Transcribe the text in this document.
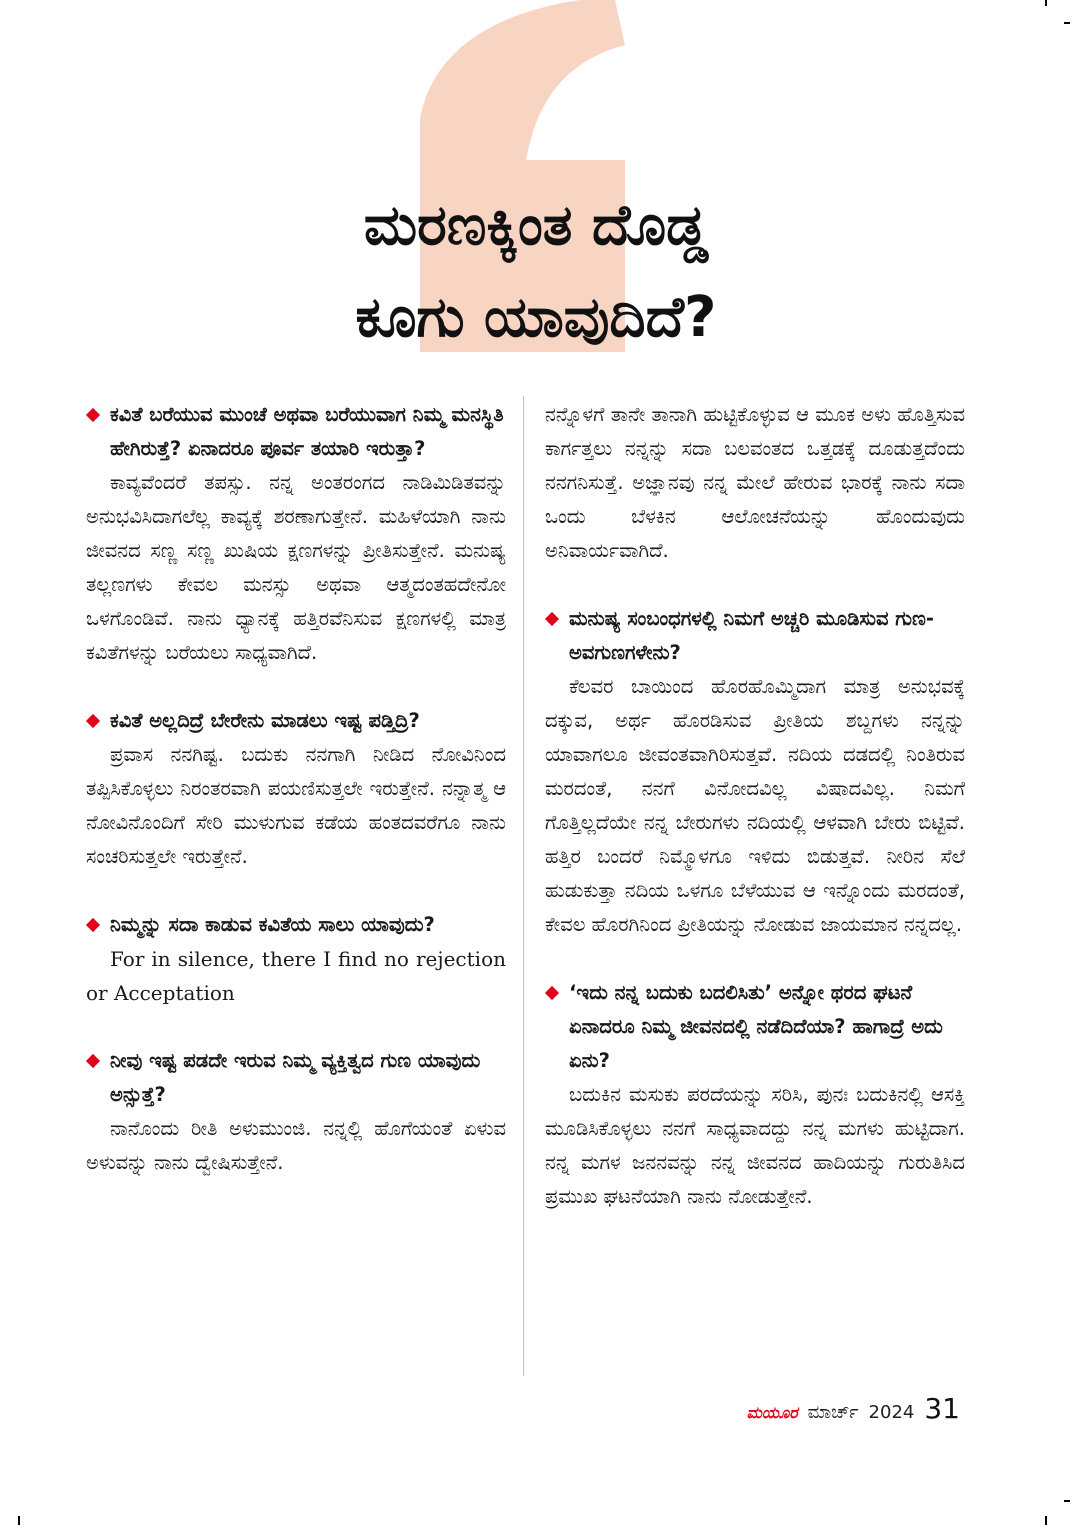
ಮರಣಕ್ಕಿಂತ ದೊಡ್ಡ
ಕೂಗು ಯಾವುದಿದೆ?

ಕವಿತೆ ಬರೆಯುವ ಮುಂಚೆ ಅಥವಾ ಬರೆಯುವಾಗ ನಿಮ್ಮ ಮನಸ್ಥಿತಿ ಹೇಗಿರುತ್ತೆ? ಏನಾದರೂ ಪೂರ್ವ ತಯಾರಿ ಇರುತ್ತಾ?

ಕಾವ್ಯವೆಂದರೆ ತಪಸ್ಸು. ನನ್ನ ಅಂತರಂಗದ ನಾಡಿಮಿಡಿತವನ್ನು ಅನುಭವಿಸಿದಾಗಲೆಲ್ಲ ಕಾವ್ಯಕ್ಕೆ ಶರಣಾಗುತ್ತೇನೆ. ಮಹಿಳೆಯಾಗಿ ನಾನು ಜೀವನದ ಸಣ್ಣ ಸಣ್ಣ ಖುಷಿಯ ಕ್ಷಣಗಳನ್ನು ಪ್ರೀತಿಸುತ್ತೇನೆ. ಮನುಷ್ಯ ತಲ್ಲಣಗಳು ಕೇವಲ ಮನಸ್ಸು ಅಥವಾ ಆತ್ಮದಂತಹದೇನೋ ಒಳಗೊಂಡಿವೆ. ನಾನು ಧ್ಯಾನಕ್ಕೆ ಹತ್ತಿರವೆನಿಸುವ ಕ್ಷಣಗಳಲ್ಲಿ ಮಾತ್ರ ಕವಿತೆಗಳನ್ನು ಬರೆಯಲು ಸಾಧ್ಯವಾಗಿದೆ.

ಕವಿತೆ ಅಲ್ಲದಿದ್ರೆ ಬೇರೇನು ಮಾಡಲು ಇಷ್ಟ ಪಡ್ತಿದ್ರಿ?

ಪ್ರವಾಸ ನನಗಿಷ್ಟ. ಬದುಕು ನನಗಾಗಿ ನೀಡಿದ ನೋವಿನಿಂದ ತಪ್ಪಿಸಿಕೊಳ್ಳಲು ನಿರಂತರವಾಗಿ ಪಯಣಿಸುತ್ತಲೇ ಇರುತ್ತೇನೆ. ನನ್ನಾತ್ಮ ಆ ನೋವಿನೊಂದಿಗೆ ಸೇರಿ ಮುಳುಗುವ ಕಡೆಯ ಹಂತದವರೆಗೂ ನಾನು ಸಂಚರಿಸುತ್ತಲೇ ಇರುತ್ತೇನೆ.

ನಿಮ್ಮನ್ನು ಸದಾ ಕಾಡುವ ಕವಿತೆಯ ಸಾಲು ಯಾವುದು?

For in silence, there I find no rejection or Acceptation

ನೀವು ಇಷ್ಟ ಪಡದೇ ಇರುವ ನಿಮ್ಮ ವ್ಯಕ್ತಿತ್ವದ ಗುಣ ಯಾವುದು ಅನ್ಸುತ್ತೆ?

ನಾನೊಂದು ರೀತಿ ಅಳುಮುಂಜಿ. ನನ್ನಲ್ಲಿ ಹೊಗೆಯಂತೆ ಏಳುವ ಅಳುವನ್ನು ನಾನು ದ್ವೇಷಿಸುತ್ತೇನೆ.

ನನ್ನೊಳಗೆ ತಾನೇ ತಾನಾಗಿ ಹುಟ್ಟಿಕೊಳ್ಳುವ ಆ ಮೂಕ ಅಳು ಹೊತ್ತಿಸುವ ಕಾರ್ಗತ್ತಲು ನನ್ನನ್ನು ಸದಾ ಬಲವಂತದ ಒತ್ತಡಕ್ಕೆ ದೂಡುತ್ತದೆಂದು ನನಗನಿಸುತ್ತೆ. ಅಜ್ಞಾನವು ನನ್ನ ಮೇಲೆ ಹೇರುವ ಭಾರಕ್ಕೆ ನಾನು ಸದಾ ಒಂದು ಬೆಳಕಿನ ಆಲೋಚನೆಯನ್ನು ಹೊಂದುವುದು ಅನಿವಾರ್ಯವಾಗಿದೆ.

ಮನುಷ್ಯ ಸಂಬಂಧಗಳಲ್ಲಿ ನಿಮಗೆ ಅಚ್ಚರಿ ಮೂಡಿಸುವ ಗುಣ-ಅವಗುಣಗಳೇನು?

ಕೆಲವರ ಬಾಯಿಂದ ಹೊರಹೊಮ್ಮಿದಾಗ ಮಾತ್ರ ಅನುಭವಕ್ಕೆ ದಕ್ಕುವ, ಅರ್ಥ ಹೊರಡಿಸುವ ಪ್ರೀತಿಯ ಶಬ್ದಗಳು ನನ್ನನ್ನು ಯಾವಾಗಲೂ ಜೀವಂತವಾಗಿರಿಸುತ್ತವೆ. ನದಿಯ ದಡದಲ್ಲಿ ನಿಂತಿರುವ ಮರದಂತೆ, ನನಗೆ ವಿನೋದವಿಲ್ಲ ವಿಷಾದವಿಲ್ಲ. ನಿಮಗೆ ಗೊತ್ತಿಲ್ಲದೆಯೇ ನನ್ನ ಬೇರುಗಳು ನದಿಯಲ್ಲಿ ಆಳವಾಗಿ ಬೇರು ಬಿಟ್ಟಿವೆ. ಹತ್ತಿರ ಬಂದರೆ ನಿಮ್ಮೊಳಗೂ ಇಳಿದು ಬಿಡುತ್ತವೆ. ನೀರಿನ ಸೆಲೆ ಹುಡುಕುತ್ತಾ ನದಿಯ ಒಳಗೂ ಬೆಳೆಯುವ ಆ ಇನ್ನೊಂದು ಮರದಂತೆ, ಕೇವಲ ಹೊರಗಿನಿಂದ ಪ್ರೀತಿಯನ್ನು ನೋಡುವ ಜಾಯಮಾನ ನನ್ನದಲ್ಲ.

‘ಇದು ನನ್ನ ಬದುಕು ಬದಲಿಸಿತು’ ಅನ್ನೋ ಥರದ ಘಟನೆ ಏನಾದರೂ ನಿಮ್ಮ ಜೀವನದಲ್ಲಿ ನಡೆದಿದೆಯಾ? ಹಾಗಾದ್ರೆ ಅದು ಏನು?

ಬದುಕಿನ ಮಸುಕು ಪರದೆಯನ್ನು ಸರಿಸಿ, ಪುನಃ ಬದುಕಿನಲ್ಲಿ ಆಸಕ್ತಿ ಮೂಡಿಸಿಕೊಳ್ಳಲು ನನಗೆ ಸಾಧ್ಯವಾದದ್ದು ನನ್ನ ಮಗಳು ಹುಟ್ಟಿದಾಗ. ನನ್ನ ಮಗಳ ಜನನವನ್ನು ನನ್ನ ಜೀವನದ ಹಾದಿಯನ್ನು ಗುರುತಿಸಿದ ಪ್ರಮುಖ ಘಟನೆಯಾಗಿ ನಾನು ನೋಡುತ್ತೇನೆ.

ಮಯೂರ ಮಾರ್ಚ್ 2024 31
